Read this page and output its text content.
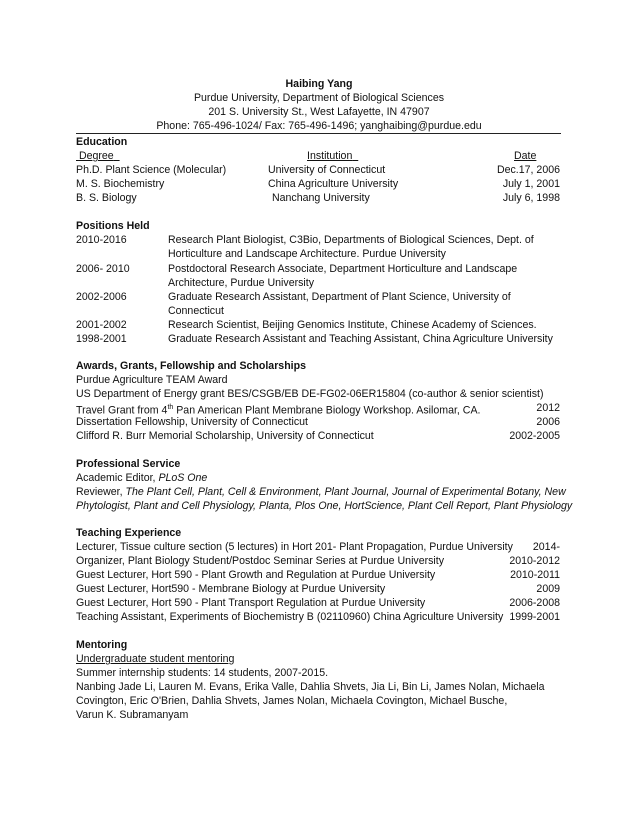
Haibing Yang
Purdue University, Department of Biological Sciences
201 S. University St., West Lafayette, IN 47907
Phone: 765-496-1024/ Fax: 765-496-1496; yanghaibing@purdue.edu
Education
Degree	Institution	Date
Ph.D. Plant Science (Molecular)	University of Connecticut	Dec.17, 2006
M. S. Biochemistry	China Agriculture University	July 1, 2001
B. S. Biology	Nanchang University	July 6, 1998
Positions Held
2010-2016	Research Plant Biologist, C3Bio, Departments of Biological Sciences, Dept. of
Horticulture and Landscape Architecture. Purdue University
2006- 2010	Postdoctoral Research Associate, Department Horticulture and Landscape
Architecture, Purdue University
2002-2006	Graduate Research Assistant, Department of Plant Science, University of
Connecticut
2001-2002	Research Scientist, Beijing Genomics Institute, Chinese Academy of Sciences.
1998-2001	Graduate Research Assistant and Teaching Assistant, China Agriculture University
Awards, Grants, Fellowship and Scholarships
Purdue Agriculture TEAM Award
US Department of Energy grant BES/CSGB/EB DE-FG02-06ER15804 (co-author & senior scientist)
Travel Grant from 4th Pan American Plant Membrane Biology Workshop. Asilomar, CA.	2012
Dissertation Fellowship, University of Connecticut	2006
Clifford R. Burr Memorial Scholarship, University of Connecticut	2002-2005
Professional Service
Academic Editor, PLoS One
Reviewer, The Plant Cell, Plant, Cell & Environment, Plant Journal, Journal of Experimental Botany, New
Phytologist, Plant and Cell Physiology, Planta, Plos One, HortScience, Plant Cell Report, Plant Physiology
Teaching Experience
Lecturer, Tissue culture section (5 lectures) in Hort 201- Plant Propagation, Purdue University	2014-
Organizer, Plant Biology Student/Postdoc Seminar Series at Purdue University	2010-2012
Guest Lecturer, Hort 590 - Plant Growth and Regulation at Purdue University	2010-2011
Guest Lecturer, Hort590 - Membrane Biology at Purdue University	2009
Guest Lecturer, Hort 590 - Plant Transport Regulation at Purdue University	2006-2008
Teaching Assistant, Experiments of Biochemistry B (02110960) China Agriculture University 1999-2001
Mentoring
Undergraduate student mentoring
Summer internship students: 14 students, 2007-2015.
Nanbing Jade Li, Lauren M. Evans, Erika Valle, Dahlia Shvets, Jia Li, Bin Li, James Nolan, Michaela
Covington, Eric O'Brien, Dahlia Shvets, James Nolan, Michaela Covington, Michael Busche,
Varun K. Subramanyam
